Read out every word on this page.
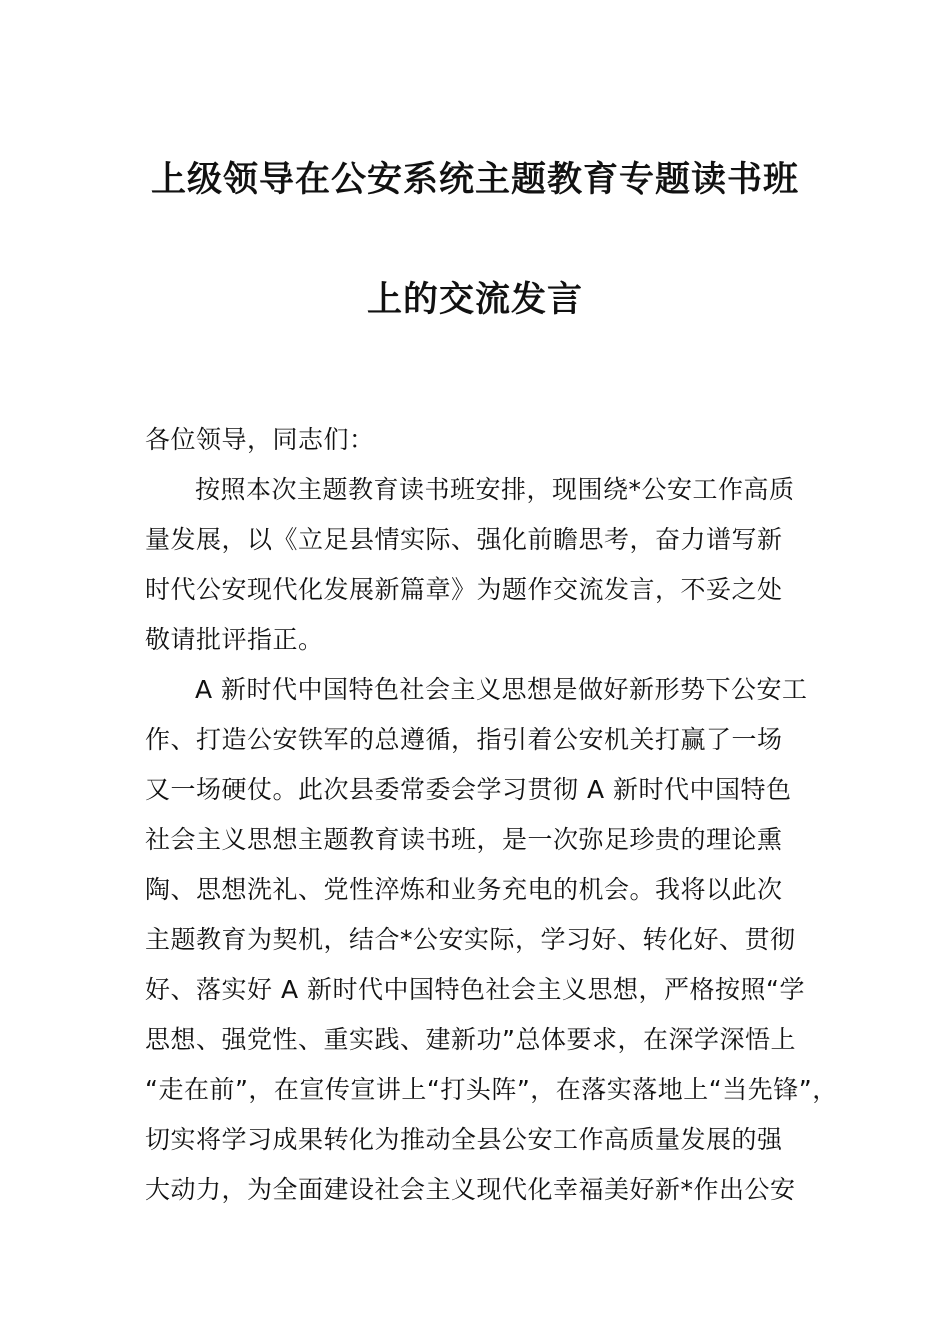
上级领导在公安系统主题教育专题读书班
上的交流发言
各位领导，同志们：
按照本次主题教育读书班安排，现围绕*公安工作高质
量发展，以《立足县情实际、强化前瞻思考，奋力谱写新
时代公安现代化发展新篇章》为题作交流发言，不妥之处
敬请批评指正。
A 新时代中国特色社会主义思想是做好新形势下公安工
作、打造公安铁军的总遵循，指引着公安机关打赢了一场
又一场硬仗。此次县委常委会学习贯彻 A 新时代中国特色
社会主义思想主题教育读书班，是一次弥足珍贵的理论熏
陶、思想洗礼、党性淬炼和业务充电的机会。我将以此次
主题教育为契机，结合*公安实际，学习好、转化好、贯彻
好、落实好 A 新时代中国特色社会主义思想，严格按照“学
思想、强党性、重实践、建新功”总体要求，在深学深悟上
“走在前”，在宣传宣讲上“打头阵”，在落实落地上“当先锋”，
切实将学习成果转化为推动全县公安工作高质量发展的强
大动力，为全面建设社会主义现代化幸福美好新*作出公安
